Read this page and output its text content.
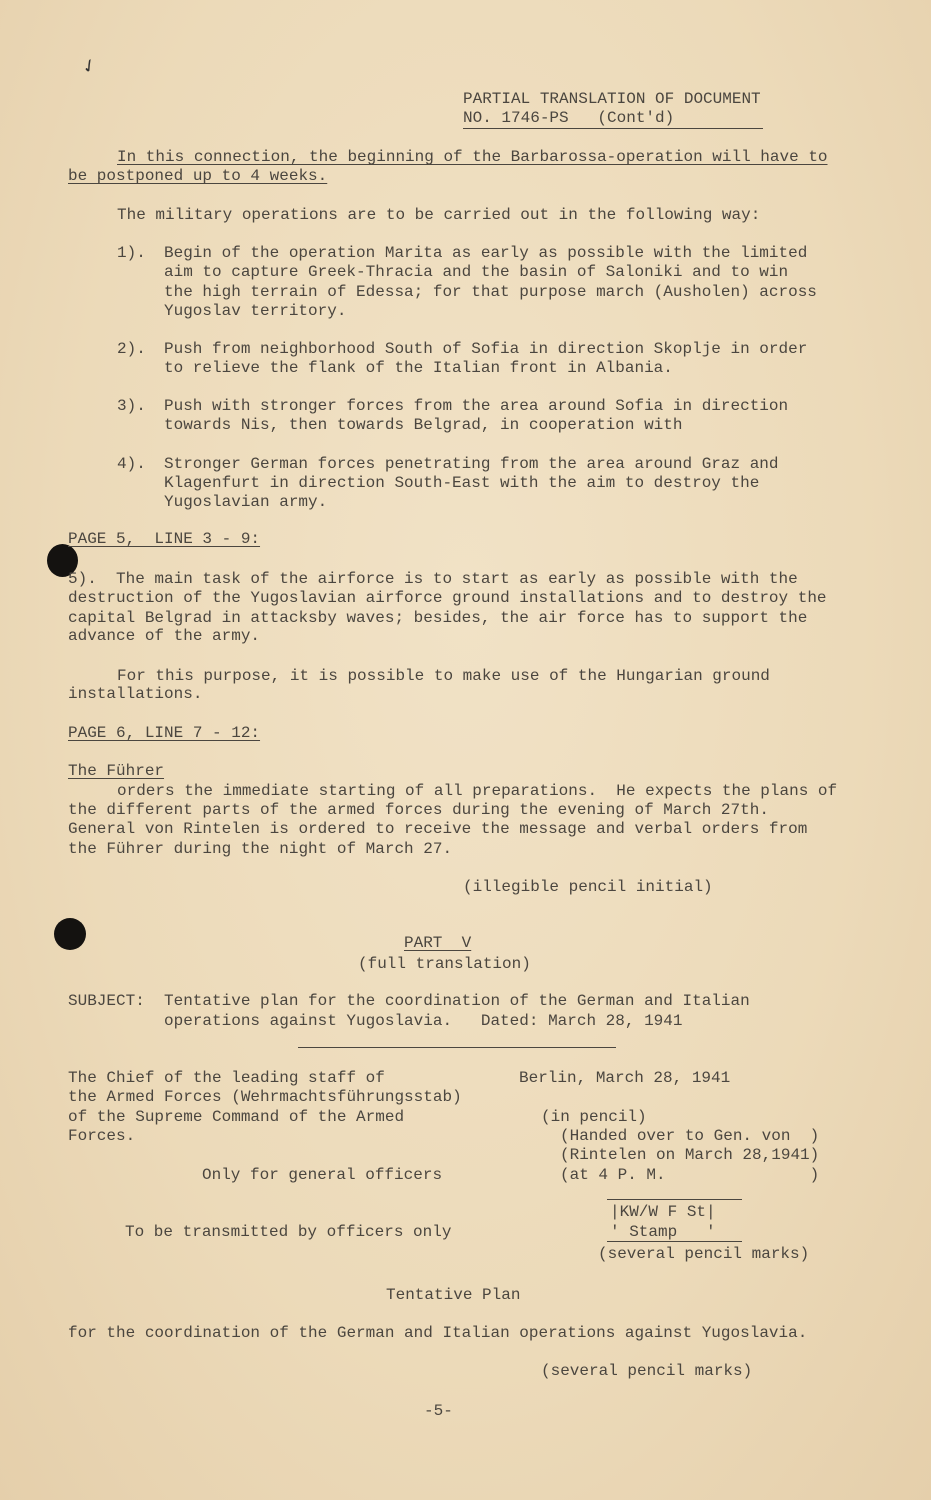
✓
PARTIAL TRANSLATION OF DOCUMENT
NO. 1746-PS   (Cont'd)
In this connection, the beginning of the Barbarossa-operation will have to
be postponed up to 4 weeks.
The military operations are to be carried out in the following way:
1). Begin of the operation Marita as early as possible with the limited
aim to capture Greek-Thracia and the basin of Saloniki and to win
the high terrain of Edessa; for that purpose march (Ausholen) across
Yugoslav territory.
2). Push from neighborhood South of Sofia in direction Skoplje in order
to relieve the flank of the Italian front in Albania.
3). Push with stronger forces from the area around Sofia in direction
towards Nis, then towards Belgrad, in cooperation with
4). Stronger German forces penetrating from the area around Graz and
Klagenfurt in direction South-East with the aim to destroy the
Yugoslavian army.
PAGE 5,  LINE 3 - 9:
5).  The main task of the airforce is to start as early as possible with the
destruction of the Yugoslavian airforce ground installations and to destroy the
capital Belgrad in attacksby waves; besides, the air force has to support the
advance of the army.
For this purpose, it is possible to make use of the Hungarian ground
installations.
PAGE 6, LINE 7 - 12:
The Führer
orders the immediate starting of all preparations.  He expects the plans of
the different parts of the armed forces during the evening of March 27th.
General von Rintelen is ordered to receive the message and verbal orders from
the Führer during the night of March 27.
(illegible pencil initial)
PART  V
(full translation)
SUBJECT: Tentative plan for the coordination of the German and Italian
operations against Yugoslavia.   Dated: March 28, 1941
The Chief of the leading staff of
the Armed Forces (Wehrmachtsführungsstab)
of the Supreme Command of the Armed
Forces.
Only for general officers
To be transmitted by officers only
Berlin, March 28, 1941
(in pencil)
(Handed over to Gen. von  )
(Rintelen on March 28,1941)
(at 4 P. M.               )
|KW/W F St|
' Stamp   '
(several pencil marks)
Tentative Plan
for the coordination of the German and Italian operations against Yugoslavia.
(several pencil marks)
-5-
